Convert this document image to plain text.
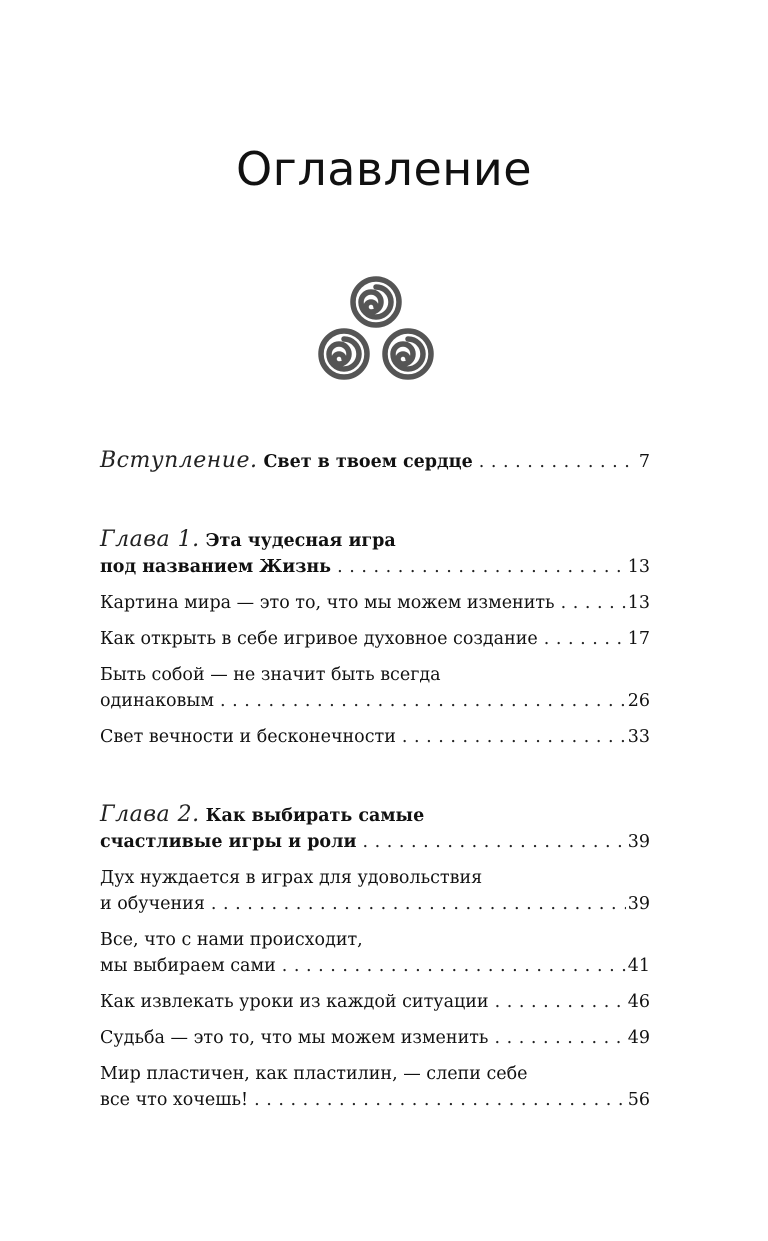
Оглавление
Вступление. Свет в твоем сердце . . .	7
Глава 1. Эта чудесная игра
под названием Жизнь . . .	13
Картина мира — это то, что мы можем изменить . . .	13
Как открыть в себе игривое духовное создание . . .	17
Быть собой — не значит быть всегда
одинаковым . . .	26
Свет вечности и бесконечности . . .	33
Глава 2. Как выбирать самые
счастливые игры и роли . . .	39
Дух нуждается в играх для удовольствия
и обучения . . .	39
Все, что с нами происходит,
мы выбираем сами . . .	41
Как извлекать уроки из каждой ситуации . . .	46
Судьба — это то, что мы можем изменить . . .	49
Мир пластичен, как пластилин, — слепи себе
все что хочешь! . . .	56
